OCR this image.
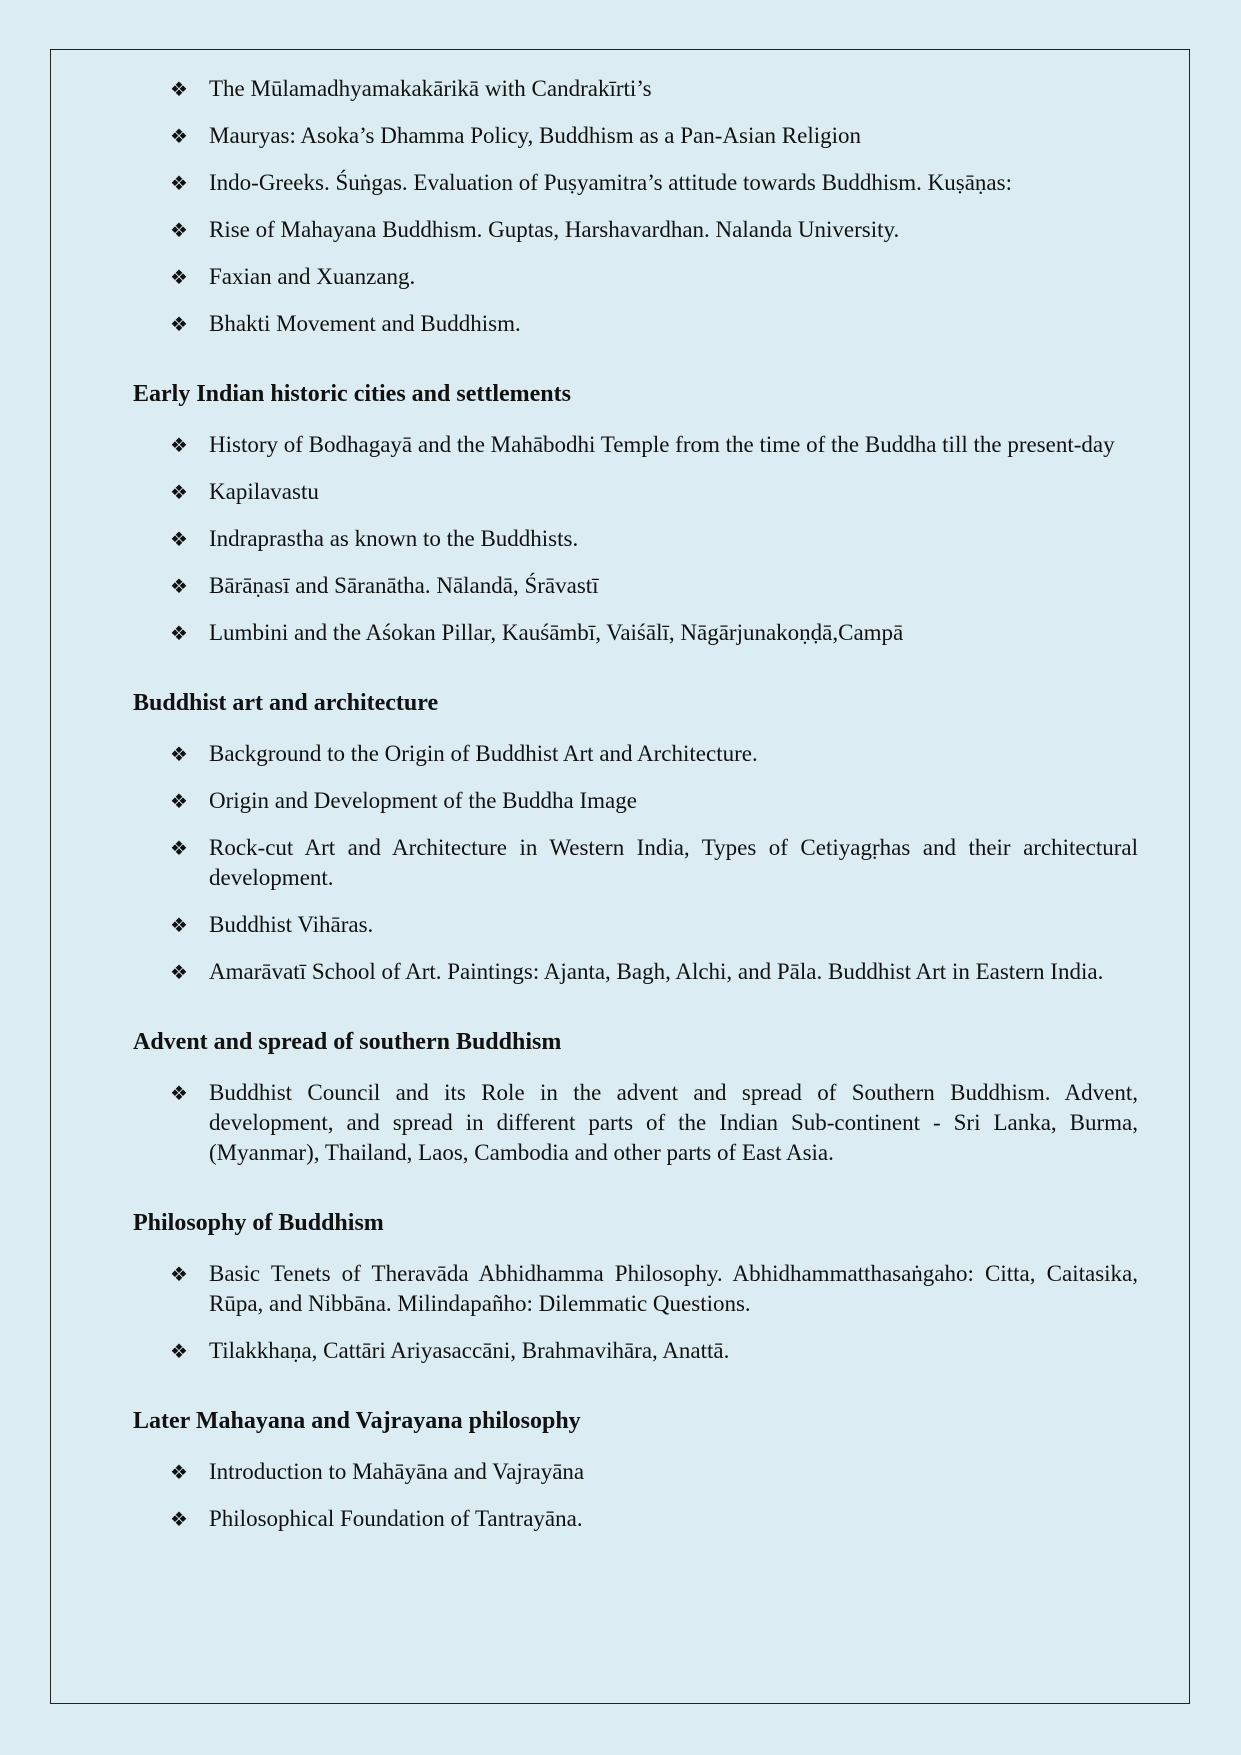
❖ The Mūlamadhyamakakārikā with Candrakīrti’s
❖ Mauryas: Asoka’s Dhamma Policy, Buddhism as a Pan-Asian Religion
❖ Indo-Greeks. Śuṅgas. Evaluation of Puṣyamitra’s attitude towards Buddhism. Kuṣāṇas:
❖ Rise of Mahayana Buddhism. Guptas, Harshavardhan. Nalanda University.
❖ Faxian and Xuanzang.
❖ Bhakti Movement and Buddhism.
Early Indian historic cities and settlements
❖ History of Bodhagayā and the Mahābodhi Temple from the time of the Buddha till the present-day
❖ Kapilavastu
❖ Indraprastha as known to the Buddhists.
❖ Bārāṇasī and Sāranātha. Nālandā, Śrāvastī
❖ Lumbini and the Aśokan Pillar, Kauśāmbī, Vaiśālī, Nāgārjunakoṇḍā,Campā
Buddhist art and architecture
❖ Background to the Origin of Buddhist Art and Architecture.
❖ Origin and Development of the Buddha Image
❖ Rock-cut Art and Architecture in Western India, Types of Cetiyagṛhas and their architectural development.
❖ Buddhist Vihāras.
❖ Amarāvatī School of Art. Paintings: Ajanta, Bagh, Alchi, and Pāla. Buddhist Art in Eastern India.
Advent and spread of southern Buddhism
❖ Buddhist Council and its Role in the advent and spread of Southern Buddhism. Advent, development, and spread in different parts of the Indian Sub-continent - Sri Lanka, Burma, (Myanmar), Thailand, Laos, Cambodia and other parts of East Asia.
Philosophy of Buddhism
❖ Basic Tenets of Theravāda Abhidhamma Philosophy. Abhidhammatthasaṅgaho: Citta, Caitasika, Rūpa, and Nibbāna. Milindapañho: Dilemmatic Questions.
❖ Tilakkhaṇa, Cattāri Ariyasaccāni, Brahmavihāra, Anattā.
Later Mahayana and Vajrayana philosophy
❖ Introduction to Mahāyāna and Vajrayāna
❖ Philosophical Foundation of Tantrayāna.
